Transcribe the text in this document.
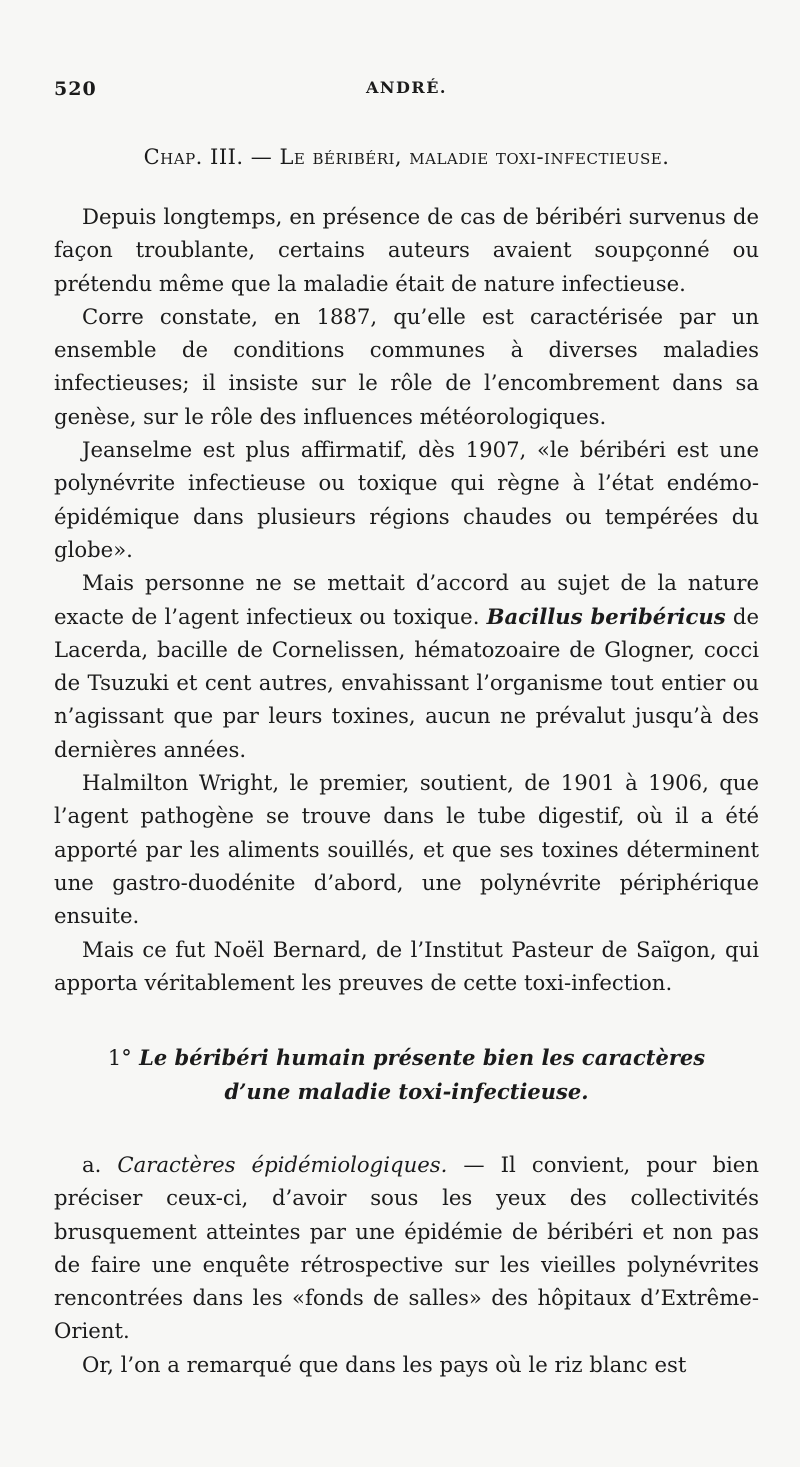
520	ANDRÉ.
Chap. III. — Le béribéri, maladie toxi-infectieuse.

Depuis longtemps, en présence de cas de béribéri survenus de façon troublante, certains auteurs avaient soupçonné ou prétendu même que la maladie était de nature infectieuse.

Corre constate, en 1887, qu’elle est caractérisée par un ensemble de conditions communes à diverses maladies infectieuses; il insiste sur le rôle de l’encombrement dans sa genèse, sur le rôle des influences météorologiques.

Jeanselme est plus affirmatif, dès 1907, «le béribéri est une polynévrite infectieuse ou toxique qui règne à l’état endémo-épidémique dans plusieurs régions chaudes ou tempérées du globe».

Mais personne ne se mettait d’accord au sujet de la nature exacte de l’agent infectieux ou toxique. Bacillus beribéricus de Lacerda, bacille de Cornelissen, hématozoaire de Glogner, cocci de Tsuzuki et cent autres, envahissant l’organisme tout entier ou n’agissant que par leurs toxines, aucun ne prévalut jusqu’à des dernières années.

Halmilton Wright, le premier, soutient, de 1901 à 1906, que l’agent pathogène se trouve dans le tube digestif, où il a été apporté par les aliments souillés, et que ses toxines déterminent une gastro-duodénite d’abord, une polynévrite périphérique ensuite.

Mais ce fut Noël Bernard, de l’Institut Pasteur de Saïgon, qui apporta véritablement les preuves de cette toxi-infection.

1° Le béribéri humain présente bien les caractères
d’une maladie toxi-infectieuse.

a. Caractères épidémiologiques. — Il convient, pour bien préciser ceux-ci, d’avoir sous les yeux des collectivités brusquement atteintes par une épidémie de béribéri et non pas de faire une enquête rétrospective sur les vieilles polynévrites rencontrées dans les «fonds de salles» des hôpitaux d’Extrême-Orient.

Or, l’on a remarqué que dans les pays où le riz blanc est
